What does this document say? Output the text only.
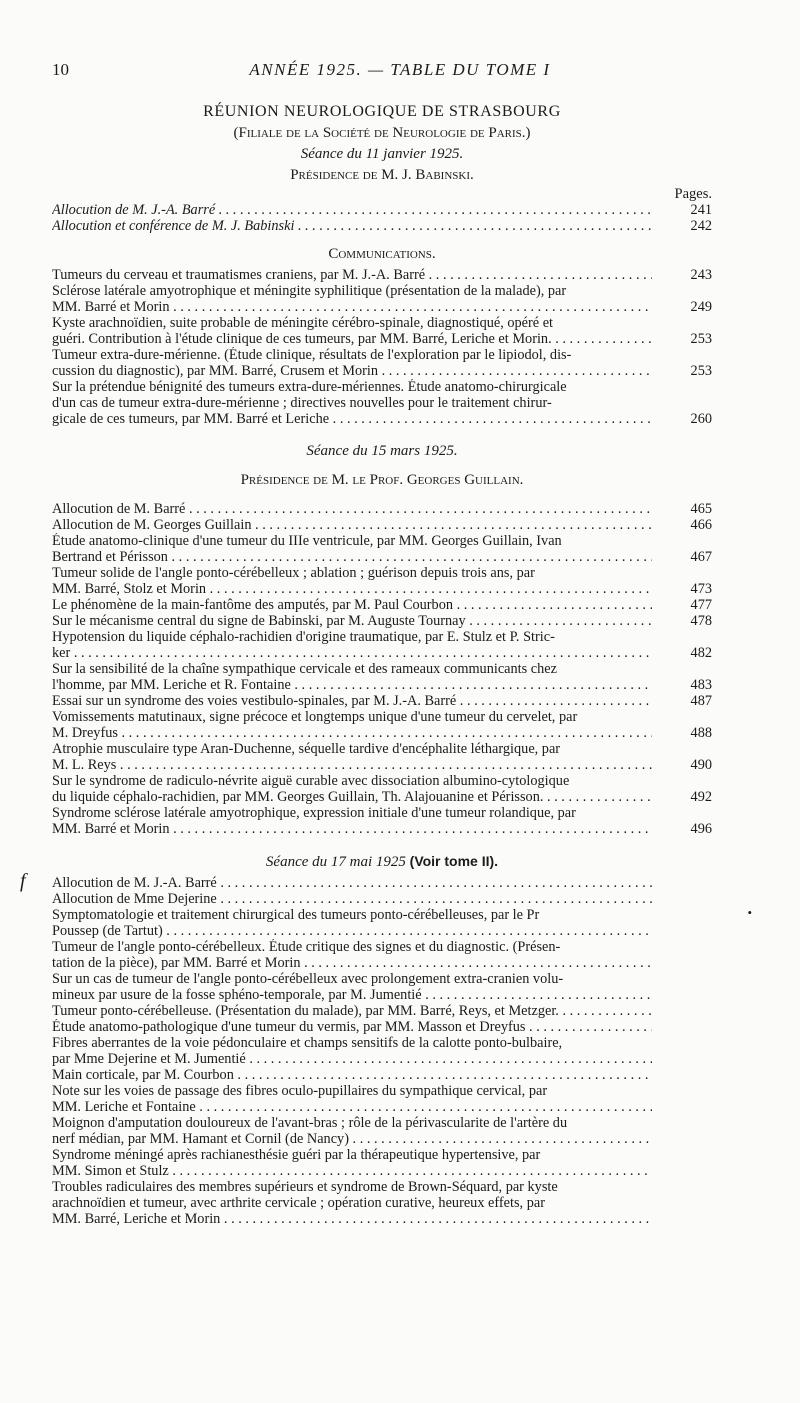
10	ANNÉE 1925. — TABLE DU TOME I
RÉUNION NEUROLOGIQUE DE STRASBOURG
(Filiale de la Société de Neurologie de Paris.)
Séance du 11 janvier 1925.
Présidence de M. J. Babinski.
Pages.
Allocution de M. J.-A. Barré . . .	241
Allocution et conférence de M. J. Babinski . . .	242
Communications.
Tumeurs du cerveau et traumatismes craniens, par M. J.-A. Barré . . .	243
Sclérose latérale amyotrophique et méningite syphilitique (présentation de la malade), par
MM. Barré et Morin . . .	249
Kyste arachnoïdien, suite probable de méningite cérébro-spinale, diagnostiqué, opéré et
guéri. Contribution à l'étude clinique de ces tumeurs, par MM. Barré, Leriche et Morin. . . .	253
Tumeur extra-dure-mérienne. (Étude clinique, résultats de l'exploration par le lipiodol, dis-
cussion du diagnostic), par MM. Barré, Crusem et Morin . . .	253
Sur la prétendue bénignité des tumeurs extra-dure-mériennes. Étude anatomo-chirurgicale
d'un cas de tumeur extra-dure-mérienne ; directives nouvelles pour le traitement chirur-
gicale de ces tumeurs, par MM. Barré et Leriche . . .	260
Séance du 15 mars 1925.
Présidence de M. le Prof. Georges Guillain.
Allocution de M. Barré . . .	465
Allocution de M. Georges Guillain . . .	466
Étude anatomo-clinique d'une tumeur du IIIe ventricule, par MM. Georges Guillain, Ivan
Bertrand et Périsson . . .	467
Tumeur solide de l'angle ponto-cérébelleux ; ablation ; guérison depuis trois ans, par
MM. Barré, Stolz et Morin . . .	473
Le phénomène de la main-fantôme des amputés, par M. Paul Courbon . . .	477
Sur le mécanisme central du signe de Babinski, par M. Auguste Tournay . . .	478
Hypotension du liquide céphalo-rachidien d'origine traumatique, par E. Stulz et P. Stric-
ker . . .	482
Sur la sensibilité de la chaîne sympathique cervicale et des rameaux communicants chez
l'homme, par MM. Leriche et R. Fontaine . . .	483
Essai sur un syndrome des voies vestibulo-spinales, par M. J.-A. Barré . . .	487
Vomissements matutinaux, signe précoce et longtemps unique d'une tumeur du cervelet, par
M. Dreyfus . . .	488
Atrophie musculaire type Aran-Duchenne, séquelle tardive d'encéphalite léthargique, par
M. L. Reys . . .	490
Sur le syndrome de radiculo-névrite aiguë curable avec dissociation albumino-cytologique
du liquide céphalo-rachidien, par MM. Georges Guillain, Th. Alajouanine et Périsson. . . .	492
Syndrome sclérose latérale amyotrophique, expression initiale d'une tumeur rolandique, par
MM. Barré et Morin . . .	496
Séance du 17 mai 1925 (Voir tome II).
f
•
Allocution de M. J.-A. Barré . . .
Allocution de Mme Dejerine . . .
Symptomatologie et traitement chirurgical des tumeurs ponto-cérébelleuses, par le Pr
Poussep (de Tartut) . . .
Tumeur de l'angle ponto-cérébelleux. Étude critique des signes et du diagnostic. (Présen-
tation de la pièce), par MM. Barré et Morin . . .
Sur un cas de tumeur de l'angle ponto-cérébelleux avec prolongement extra-cranien volu-
mineux par usure de la fosse sphéno-temporale, par M. Jumentié . . .
Tumeur ponto-cérébelleuse. (Présentation du malade), par MM. Barré, Reys, et Metzger. . . .
Étude anatomo-pathologique d'une tumeur du vermis, par MM. Masson et Dreyfus . . .
Fibres aberrantes de la voie pédonculaire et champs sensitifs de la calotte ponto-bulbaire,
par Mme Dejerine et M. Jumentié . . .
Main corticale, par M. Courbon . . .
Note sur les voies de passage des fibres oculo-pupillaires du sympathique cervical, par
MM. Leriche et Fontaine . . .
Moignon d'amputation douloureux de l'avant-bras ; rôle de la périvascularite de l'artère du
nerf médian, par MM. Hamant et Cornil (de Nancy) . . .
Syndrome méningé après rachianesthésie guéri par la thérapeutique hypertensive, par
MM. Simon et Stulz . . .
Troubles radiculaires des membres supérieurs et syndrome de Brown-Séquard, par kyste
arachnoïdien et tumeur, avec arthrite cervicale ; opération curative, heureux effets, par
MM. Barré, Leriche et Morin . . .
